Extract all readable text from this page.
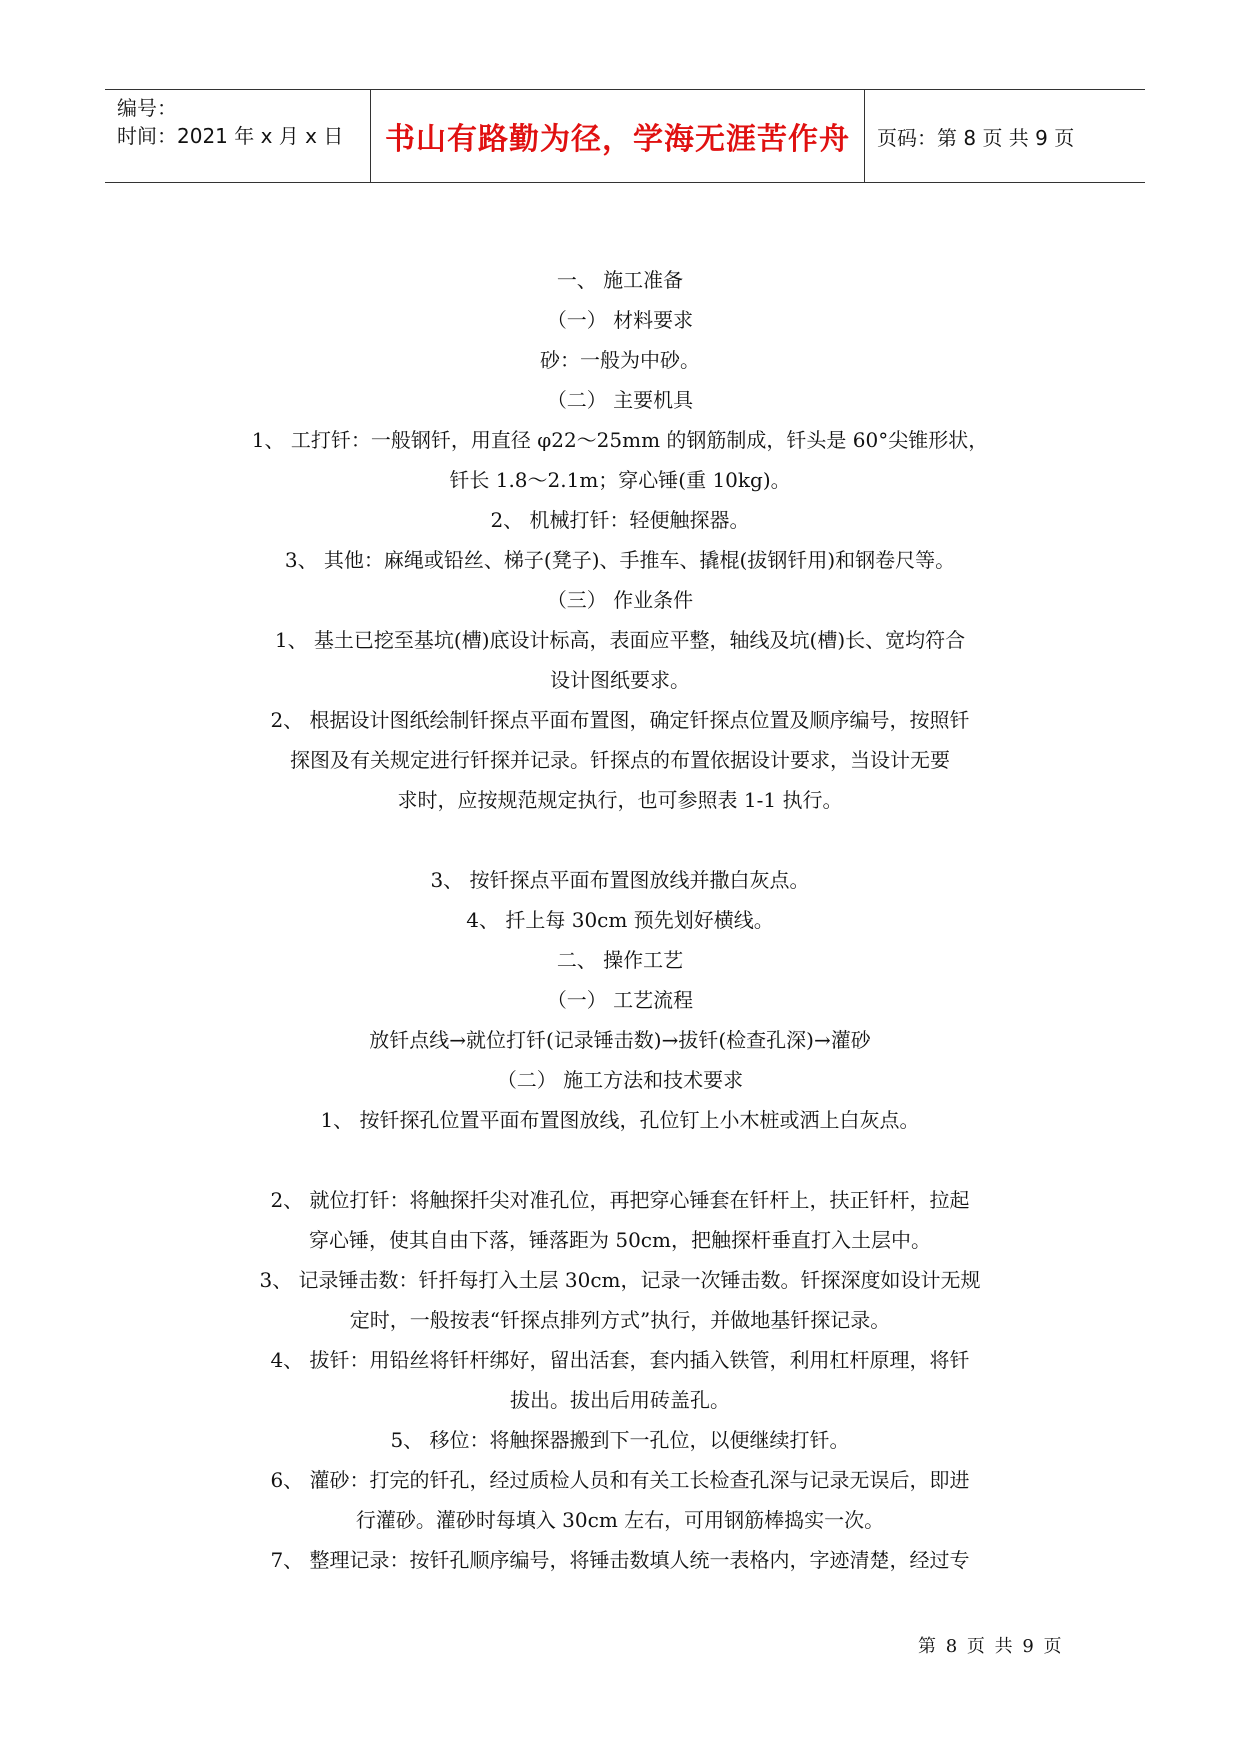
编号：
时间：2021 年 x 月 x 日	书山有路勤为径，学海无涯苦作舟	页码：第 8 页 共 9 页

一、 施工准备

（一） 材料要求

砂：一般为中砂。

（二） 主要机具

1、 工打钎：一般钢钎，用直径 φ22～25mm 的钢筋制成，钎头是 60°尖锥形状，

钎长 1.8～2.1m；穿心锤(重 10kg)。

2、 机械打钎：轻便触探器。

3、 其他：麻绳或铅丝、梯子(凳子)、手推车、撬棍(拔钢钎用)和钢卷尺等。

（三） 作业条件

1、 基土已挖至基坑(槽)底设计标高，表面应平整，轴线及坑(槽)长、宽均符合

设计图纸要求。

2、 根据设计图纸绘制钎探点平面布置图，确定钎探点位置及顺序编号，按照钎

探图及有关规定进行钎探并记录。钎探点的布置依据设计要求，当设计无要

求时，应按规范规定执行，也可参照表 1-1 执行。

3、 按钎探点平面布置图放线并撒白灰点。

4、 扦上每 30cm 预先划好横线。

二、 操作工艺

（一） 工艺流程

放钎点线→就位打钎(记录锤击数)→拔钎(检查孔深)→灌砂

（二） 施工方法和技术要求

1、 按钎探孔位置平面布置图放线，孔位钉上小木桩或洒上白灰点。

2、 就位打钎：将触探扦尖对准孔位，再把穿心锤套在钎杆上，扶正钎杆，拉起

穿心锤，使其自由下落，锤落距为 50cm，把触探杆垂直打入土层中。

3、 记录锤击数：钎扦每打入土层 30cm，记录一次锤击数。钎探深度如设计无规

定时，一般按表“钎探点排列方式”执行，并做地基钎探记录。

4、 拔钎：用铅丝将钎杆绑好，留出活套，套内插入铁管，利用杠杆原理，将钎

拔出。拔出后用砖盖孔。

5、 移位：将触探器搬到下一孔位，以便继续打钎。

6、 灌砂：打完的钎孔，经过质检人员和有关工长检查孔深与记录无误后，即进

行灌砂。灌砂时每填入 30cm 左右，可用钢筋棒捣实一次。

7、 整理记录：按钎孔顺序编号，将锤击数填人统一表格内，字迹清楚，经过专

第 8 页 共 9 页
